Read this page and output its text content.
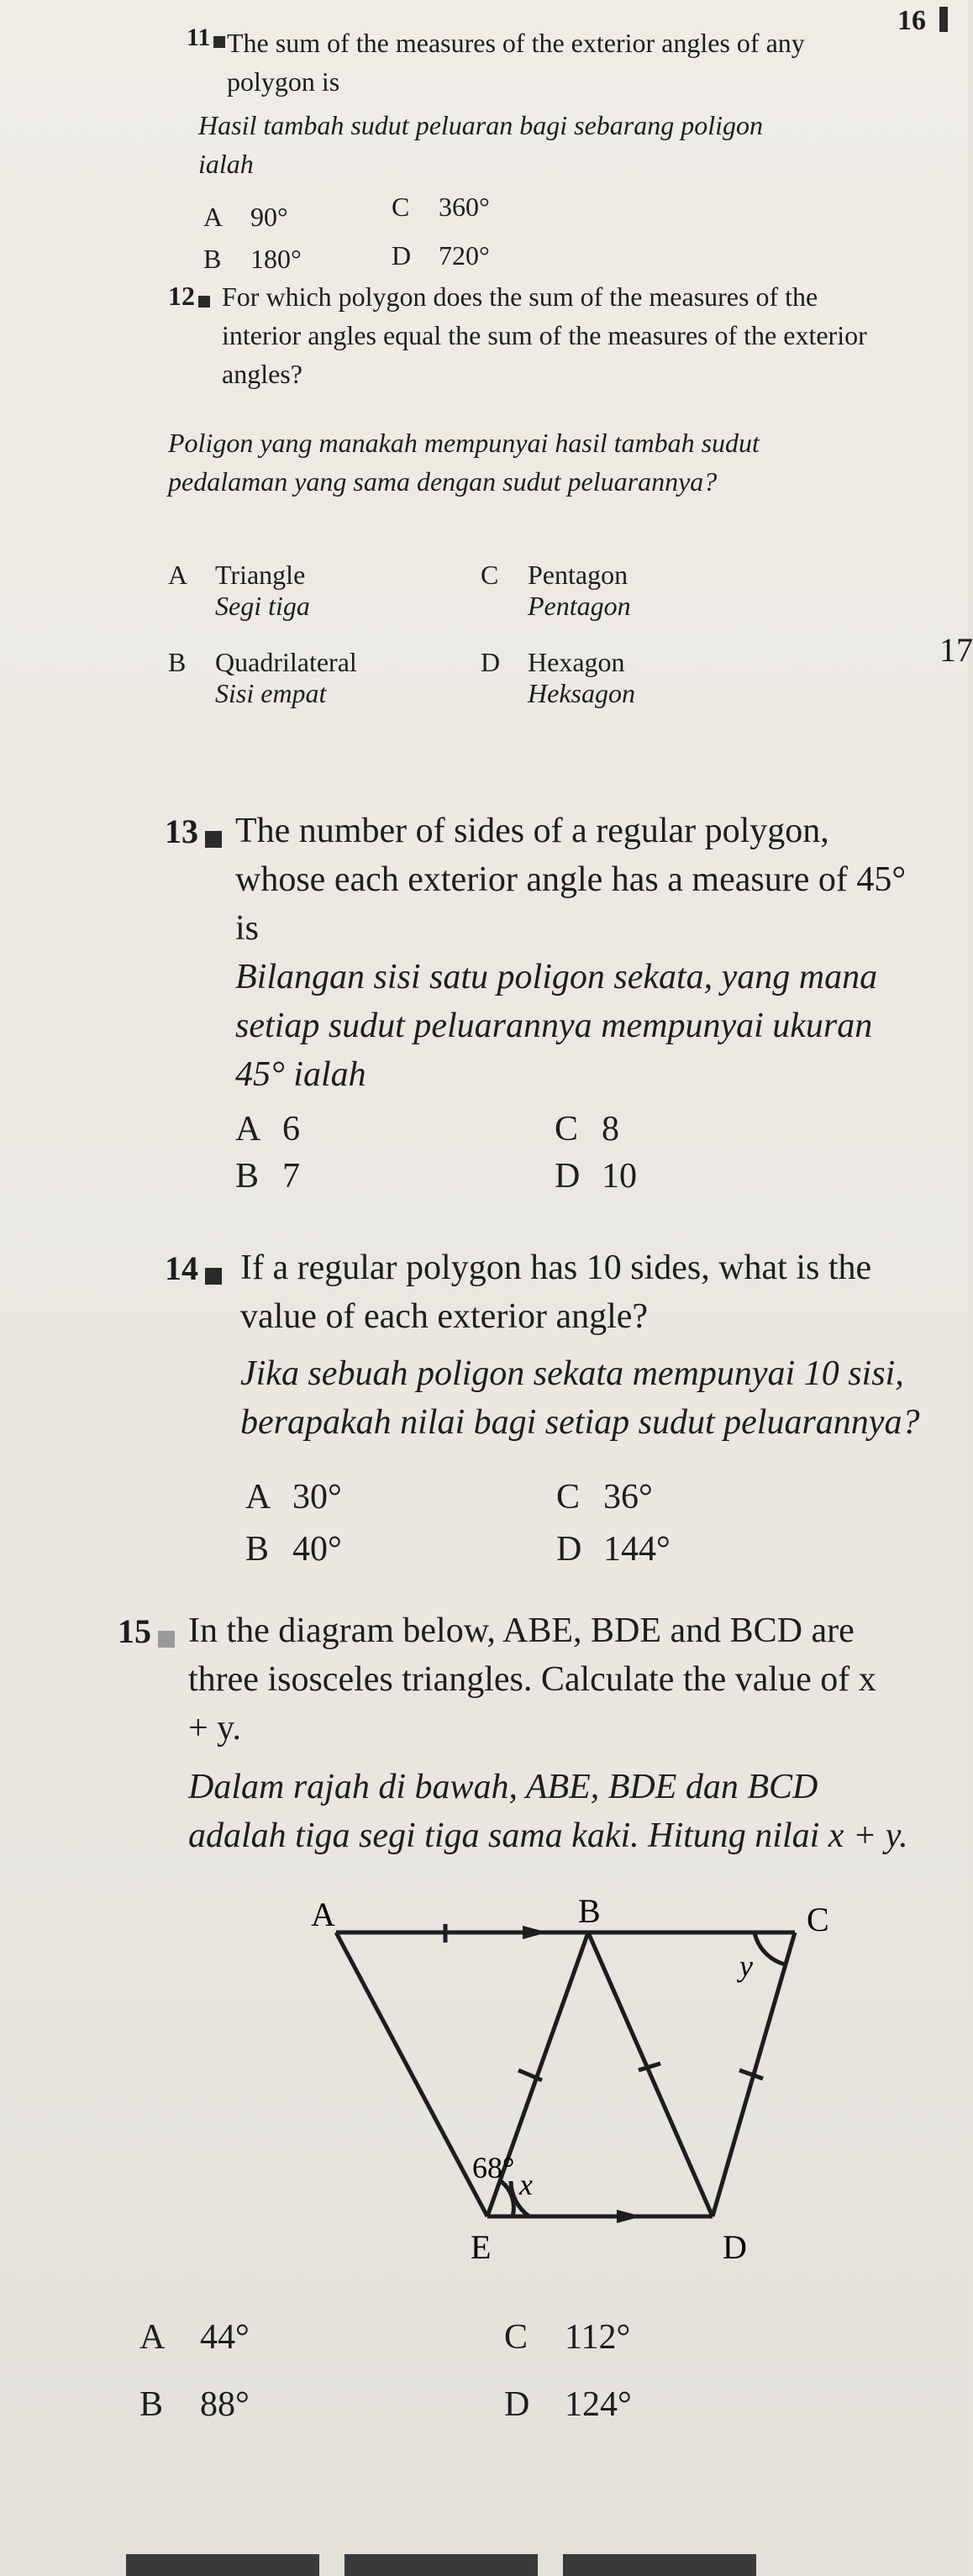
16
11 The sum of the measures of the exterior angles of any polygon is
Hasil tambah sudut peluaran bagi sebarang poligon ialah
A 90°
B 180°
C 360°
D 720°
12	For which polygon does the sum of the measures of the interior angles equal the sum of the measures of the exterior angles?
Poligon yang manakah mempunyai hasil tambah sudut pedalaman yang sama dengan sudut peluarannya?
A Triangle
Segi tiga
B Quadrilateral
Sisi empat
C Pentagon
Pentagon
D Hexagon
Heksagon
17
13	The number of sides of a regular polygon, whose each exterior angle has a measure of 45° is
Bilangan sisi satu poligon sekata, yang mana setiap sudut peluarannya mempunyai ukuran 45° ialah
A 6
B 7
C 8
D 10
14	If a regular polygon has 10 sides, what is the value of each exterior angle?
Jika sebuah poligon sekata mempunyai 10 sisi, berapakah nilai bagi setiap sudut peluarannya?
A 30°
B 40°
C 36°
D 144°
15	In the diagram below, ABE, BDE and BCD are three isosceles triangles. Calculate the value of x + y.
Dalam rajah di bawah, ABE, BDE dan BCD adalah tiga segi tiga sama kaki. Hitung nilai x + y.
A	B	C
E	D
68° x
y
A 44°
B 88°
C 112°
D 124°
